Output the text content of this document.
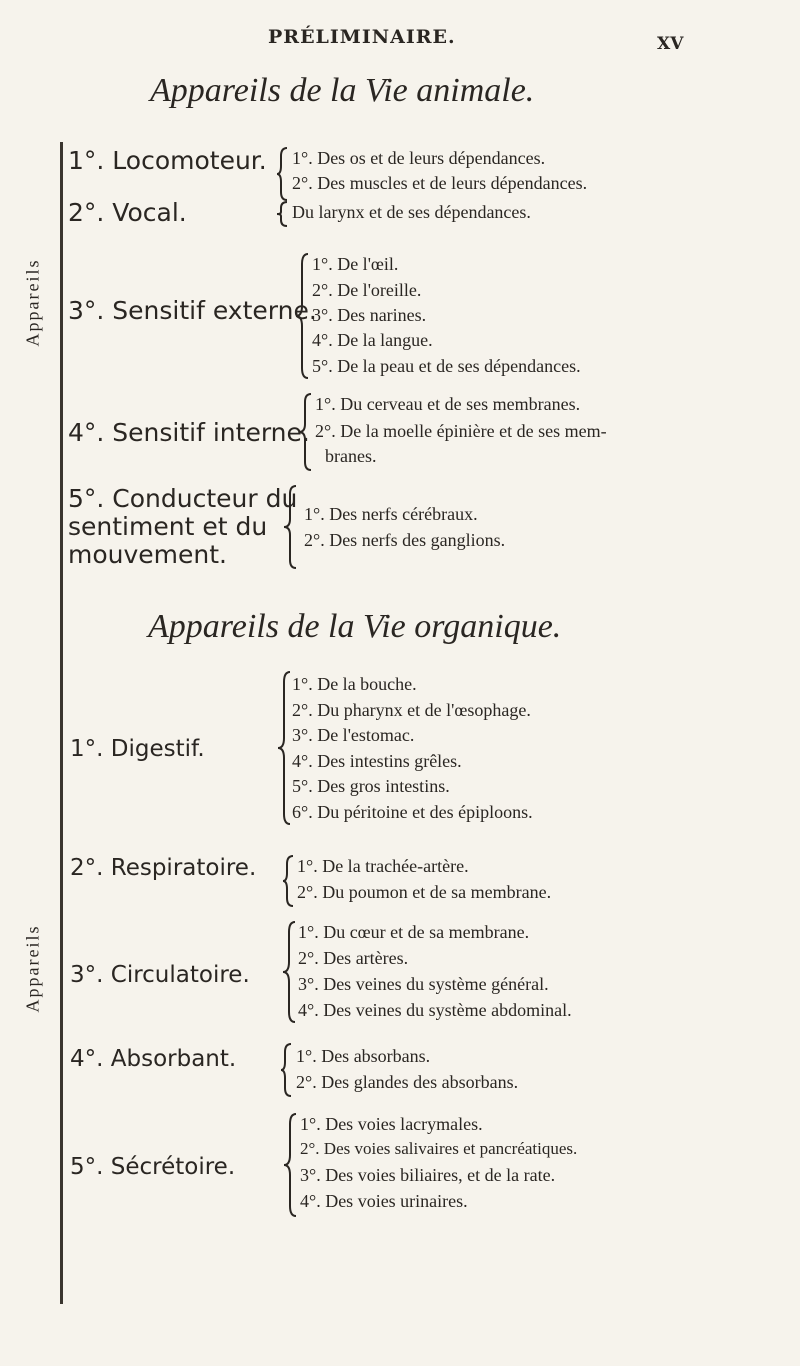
PRÉLIMINAIRE.	XV
Appareils de la Vie animale.
Appareils
1°. Locomoteur. 1°. Des os et de leurs dépendances.
2°. Des muscles et de leurs dépendances.
2°. Vocal.	Du larynx et de ses dépendances.
3°. Sensitif externe.
1°. De l'œil.
2°. De l'oreille.
3°. Des narines.
4°. De la langue.
5°. De la peau et de ses dépendances.
4°. Sensitif interne.
1°. Du cerveau et de ses membranes.
2°. De la moelle épinière et de ses mem-
branes.
5°. Conducteur du
sentiment et du
mouvement.
1°. Des nerfs cérébraux.
2°. Des nerfs des ganglions.
Appareils de la Vie organique.
Appareils
1°. Digestif.
1°. De la bouche.
2°. Du pharynx et de l'œsophage.
3°. De l'estomac.
4°. Des intestins grêles.
5°. Des gros intestins.
6°. Du péritoine et des épiploons.
2°. Respiratoire. 1°. De la trachée-artère.
2°. Du poumon et de sa membrane.
3°. Circulatoire.
1°. Du cœur et de sa membrane.
2°. Des artères.
3°. Des veines du système général.
4°. Des veines du système abdominal.
4°. Absorbant.	1°. Des absorbans.
2°. Des glandes des absorbans.
5°. Sécrétoire.
1°. Des voies lacrymales.
2°. Des voies salivaires et pancréatiques.
3°. Des voies biliaires, et de la rate.
4°. Des voies urinaires.
